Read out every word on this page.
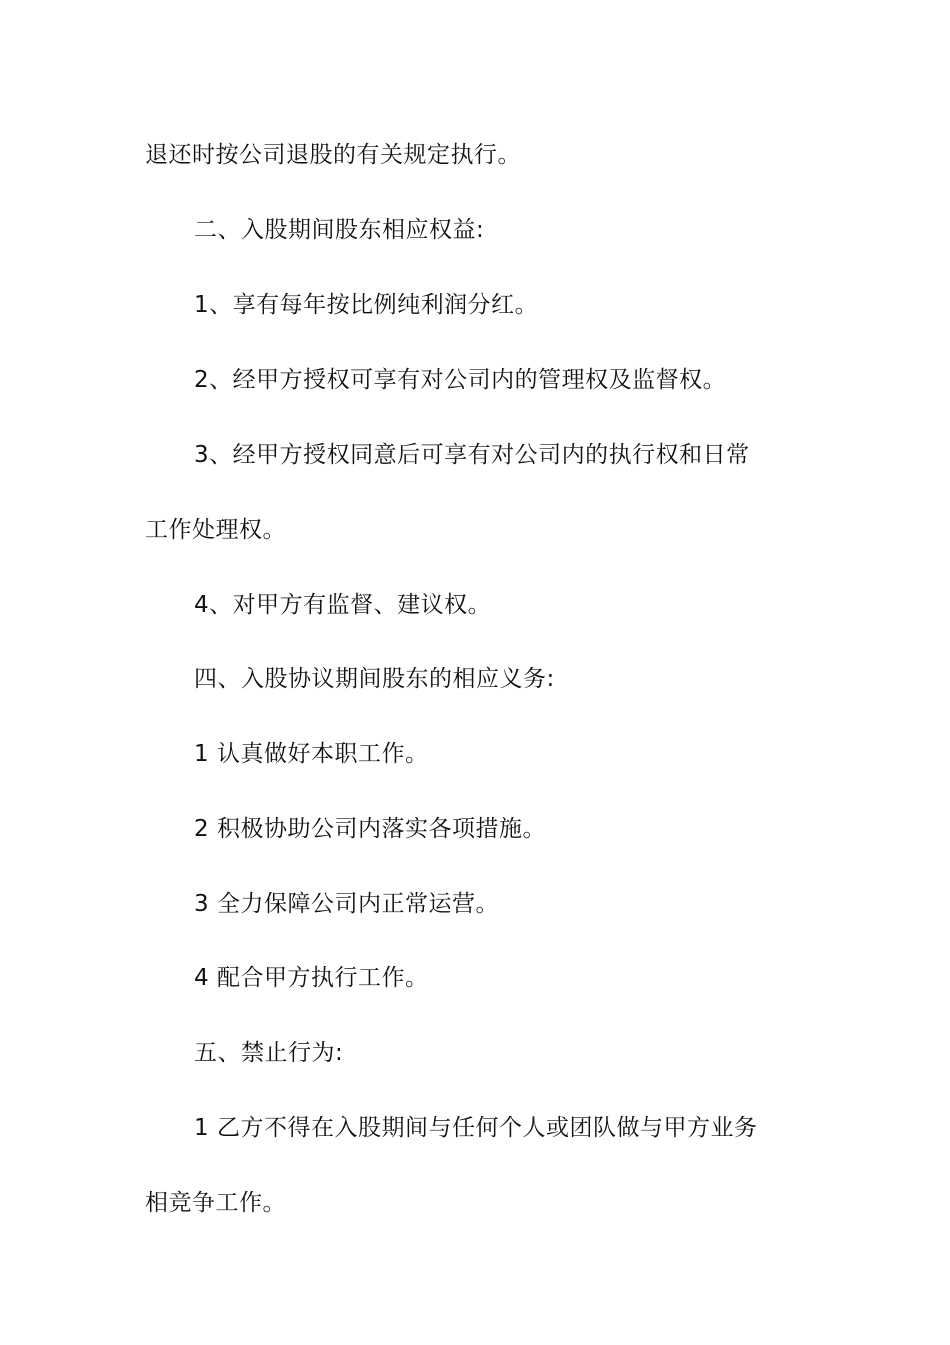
退还时按公司退股的有关规定执行。
二、入股期间股东相应权益:
1、享有每年按比例纯利润分红。
2、经甲方授权可享有对公司内的管理权及监督权。
3、经甲方授权同意后可享有对公司内的执行权和日常
工作处理权。
4、对甲方有监督、建议权。
四、入股协议期间股东的相应义务:
1 认真做好本职工作。
2 积极协助公司内落实各项措施。
3 全力保障公司内正常运营。
4 配合甲方执行工作。
五、禁止行为:
1 乙方不得在入股期间与任何个人或团队做与甲方业务
相竞争工作。
